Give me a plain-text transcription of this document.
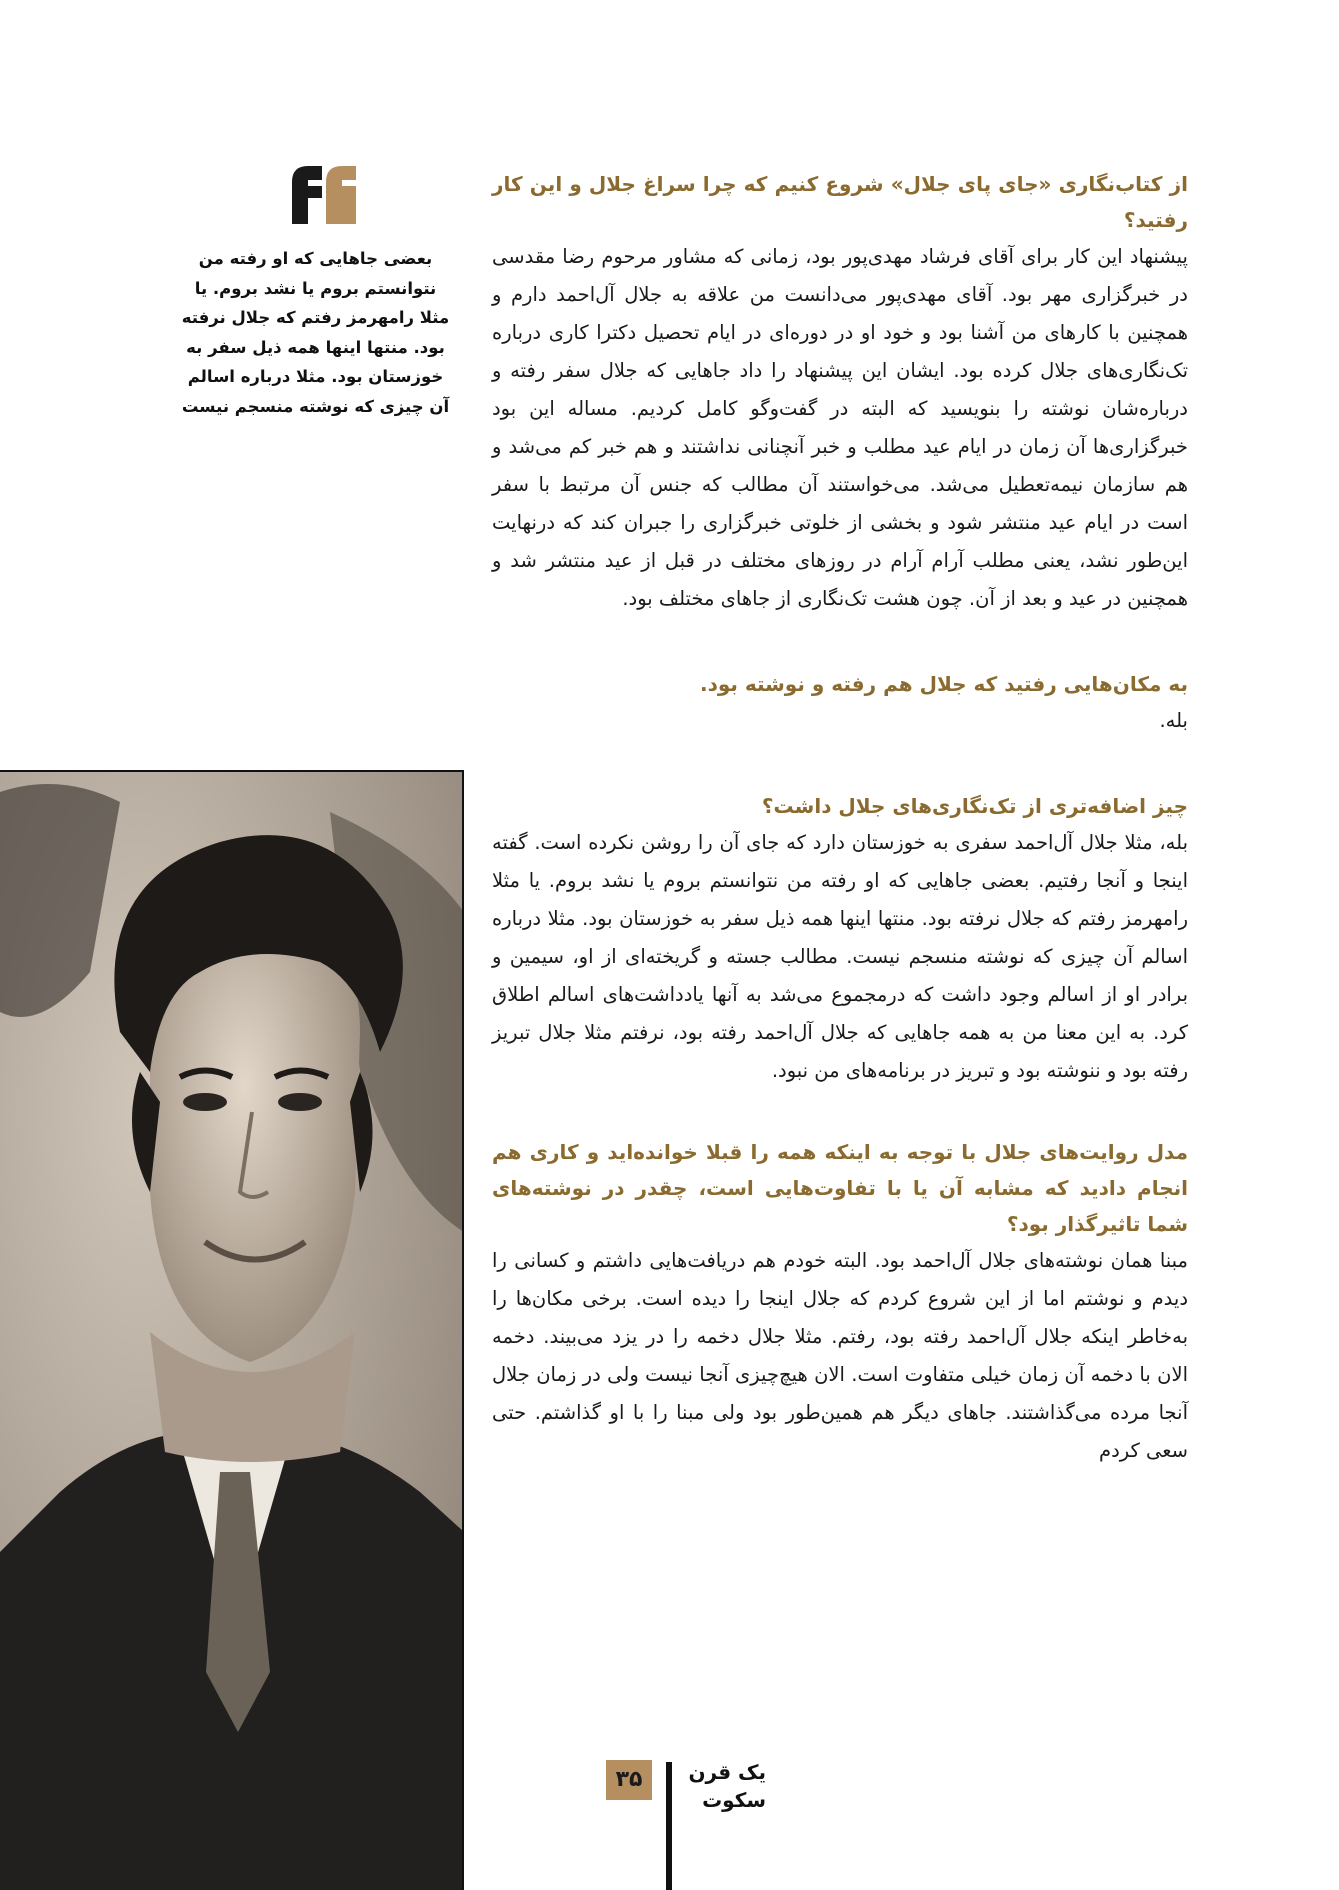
بعضی جاهایی که او رفته من نتوانستم بروم یا نشد بروم. یا مثلا رامهرمز رفتم که جلال نرفته بود. منتها اینها همه ذیل سفر به خوزستان بود. مثلا درباره اسالم آن چیزی که نوشته منسجم نیست

از کتاب‌نگاری «جای پای جلال» شروع کنیم که چرا سراغ جلال و این کار رفتید؟

پیشنهاد این کار برای آقای فرشاد مهدی‌پور بود، زمانی که مشاور مرحوم رضا مقدسی در خبرگزاری مهر بود. آقای مهدی‌پور می‌دانست من علاقه به جلال آل‌احمد دارم و همچنین با کارهای من آشنا بود و خود او در دوره‌ای در ایام تحصیل دکترا کاری درباره تک‌نگاری‌های جلال کرده بود. ایشان این پیشنهاد را داد جاهایی که جلال سفر رفته و درباره‌شان نوشته را بنویسید که البته در گفت‌وگو کامل کردیم. مساله این بود خبرگزاری‌ها آن زمان در ایام عید مطلب و خبر آنچنانی نداشتند و هم خبر کم می‌شد و هم سازمان نیمه‌تعطیل می‌شد. می‌خواستند آن مطالب که جنس آن مرتبط با سفر است در ایام عید منتشر شود و بخشی از خلوتی خبرگزاری را جبران کند که درنهایت این‌طور نشد، یعنی مطلب آرام آرام در روزهای مختلف در قبل از عید منتشر شد و همچنین در عید و بعد از آن. چون هشت تک‌نگاری از جاهای مختلف بود.

به مکان‌هایی رفتید که جلال هم رفته و نوشته بود.

بله.

چیز اضافه‌تری از تک‌نگاری‌های جلال داشت؟

بله، مثلا جلال آل‌احمد سفری به خوزستان دارد که جای آن را روشن نکرده است. گفته اینجا و آنجا رفتیم. بعضی جاهایی که او رفته من نتوانستم بروم یا نشد بروم. یا مثلا رامهرمز رفتم که جلال نرفته بود. منتها اینها همه ذیل سفر به خوزستان بود. مثلا درباره اسالم آن چیزی که نوشته منسجم نیست. مطالب جسته و گریخته‌ای از او، سیمین و برادر او از اسالم وجود داشت که درمجموع می‌شد به آنها یادداشت‌های اسالم اطلاق کرد. به این معنا من به همه جاهایی که جلال آل‌احمد رفته بود، نرفتم مثلا جلال تبریز رفته بود و ننوشته بود و تبریز در برنامه‌های من نبود.

مدل روایت‌های جلال با توجه به اینکه همه را قبلا خوانده‌اید و کاری هم انجام دادید که مشابه آن یا با تفاوت‌هایی است، چقدر در نوشته‌های شما تاثیرگذار بود؟

مبنا همان نوشته‌های جلال آل‌احمد بود. البته خودم هم دریافت‌هایی داشتم و کسانی را دیدم و نوشتم اما از این شروع کردم که جلال اینجا را دیده است. برخی مکان‌ها را به‌خاطر اینکه جلال آل‌احمد رفته بود، رفتم. مثلا جلال دخمه را در یزد می‌بیند. دخمه الان با دخمه آن زمان خیلی متفاوت است. الان هیچ‌چیزی آنجا نیست ولی در زمان جلال آنجا مرده می‌گذاشتند. جاهای دیگر هم همین‌طور بود ولی مبنا را با او گذاشتم. حتی سعی کردم

۳۵	یک قرن
سکوت
